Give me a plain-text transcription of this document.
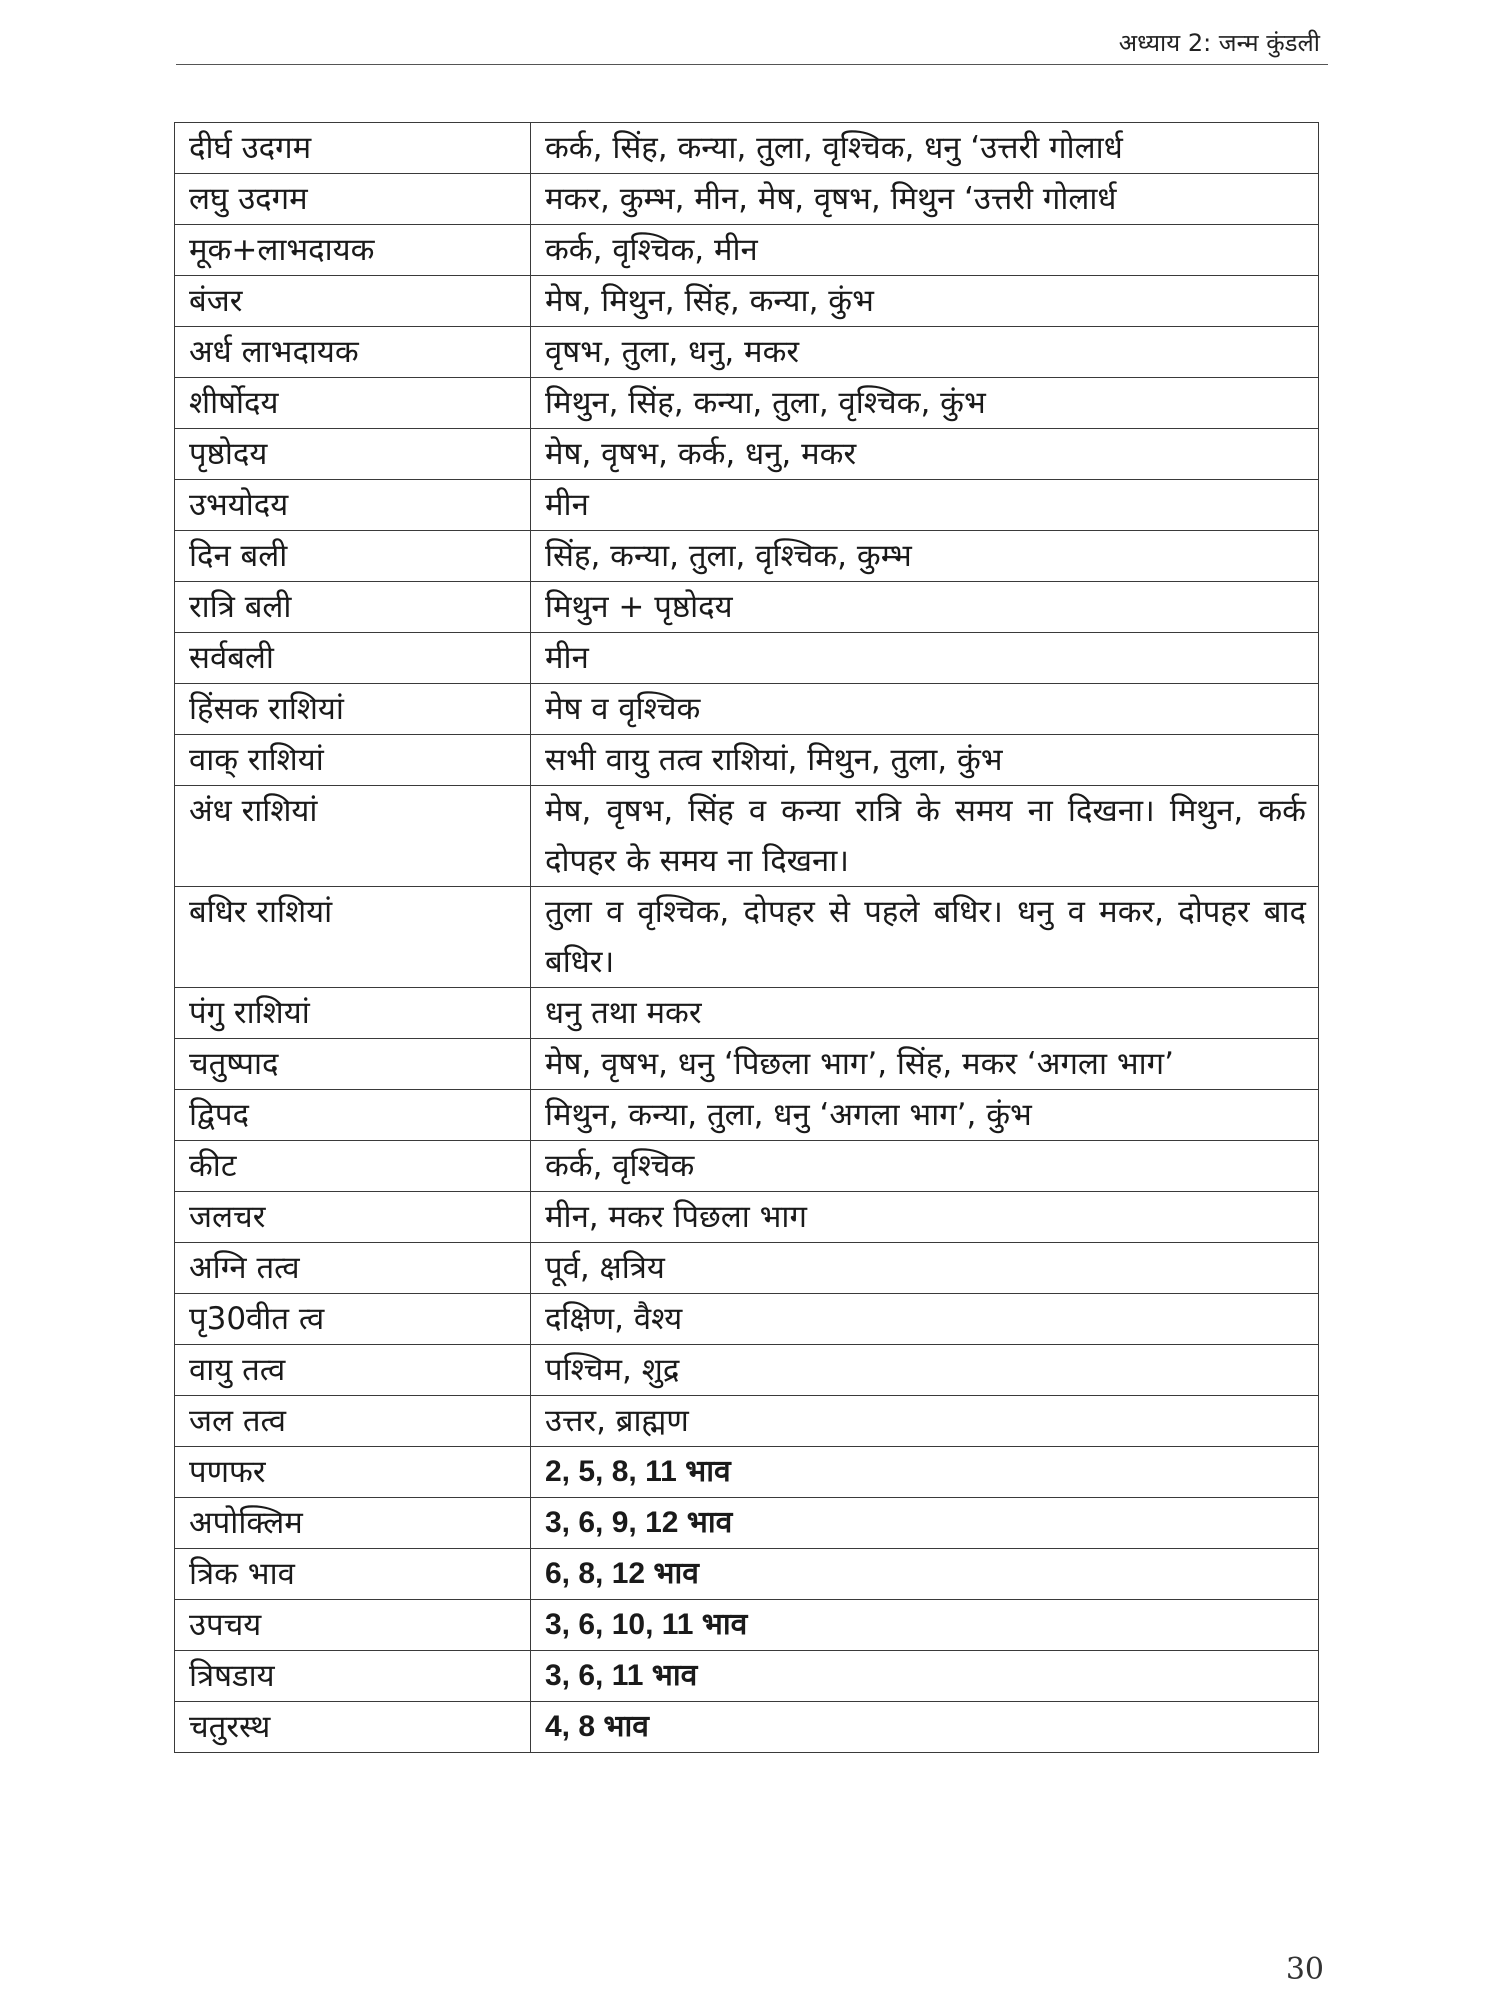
अध्याय 2: जन्म कुंडली
दीर्घ उदगम	कर्क, सिंह, कन्या, तुला, वृश्चिक, धनु ‘उत्तरी गोलार्ध
लघु उदगम	मकर, कुम्भ, मीन, मेष, वृषभ, मिथुन ‘उत्तरी गोलार्ध
मूक+लाभदायक	कर्क, वृश्चिक, मीन
बंजर	मेष, मिथुन, सिंह, कन्या, कुंभ
अर्ध लाभदायक	वृषभ, तुला, धनु, मकर
शीर्षोदय	मिथुन, सिंह, कन्या, तुला, वृश्चिक, कुंभ
पृष्ठोदय	मेष, वृषभ, कर्क, धनु, मकर
उभयोदय	मीन
दिन बली	सिंह, कन्या, तुला, वृश्चिक, कुम्भ
रात्रि बली	मिथुन + पृष्ठोदय
सर्वबली	मीन
हिंसक राशियां	मेष व वृश्चिक
वाक् राशियां	सभी वायु तत्व राशियां, मिथुन, तुला, कुंभ
अंध राशियां	मेष, वृषभ, सिंह व कन्या रात्रि के समय ना दिखना। मिथुन, कर्क दोपहर के समय ना दिखना।
बधिर राशियां	तुला व वृश्चिक, दोपहर से पहले बधिर। धनु व मकर, दोपहर बाद बधिर।
पंगु राशियां	धनु तथा मकर
चतुष्पाद	मेष, वृषभ, धनु ‘पिछला भाग’, सिंह, मकर ‘अगला भाग’
द्विपद	मिथुन, कन्या, तुला, धनु ‘अगला भाग’, कुंभ
कीट	कर्क, वृश्चिक
जलचर	मीन, मकर पिछला भाग
अग्नि तत्व	पूर्व, क्षत्रिय
पृ30वीत त्व	दक्षिण, वैश्य
वायु तत्व	पश्चिम, शुद्र
जल तत्व	उत्तर, ब्राह्मण
पणफर	2, 5, 8, 11 भाव
अपोक्लिम	3, 6, 9, 12 भाव
त्रिक भाव	6, 8, 12 भाव
उपचय	3, 6, 10, 11 भाव
त्रिषडाय	3, 6, 11 भाव
चतुरस्थ	4, 8 भाव
30
